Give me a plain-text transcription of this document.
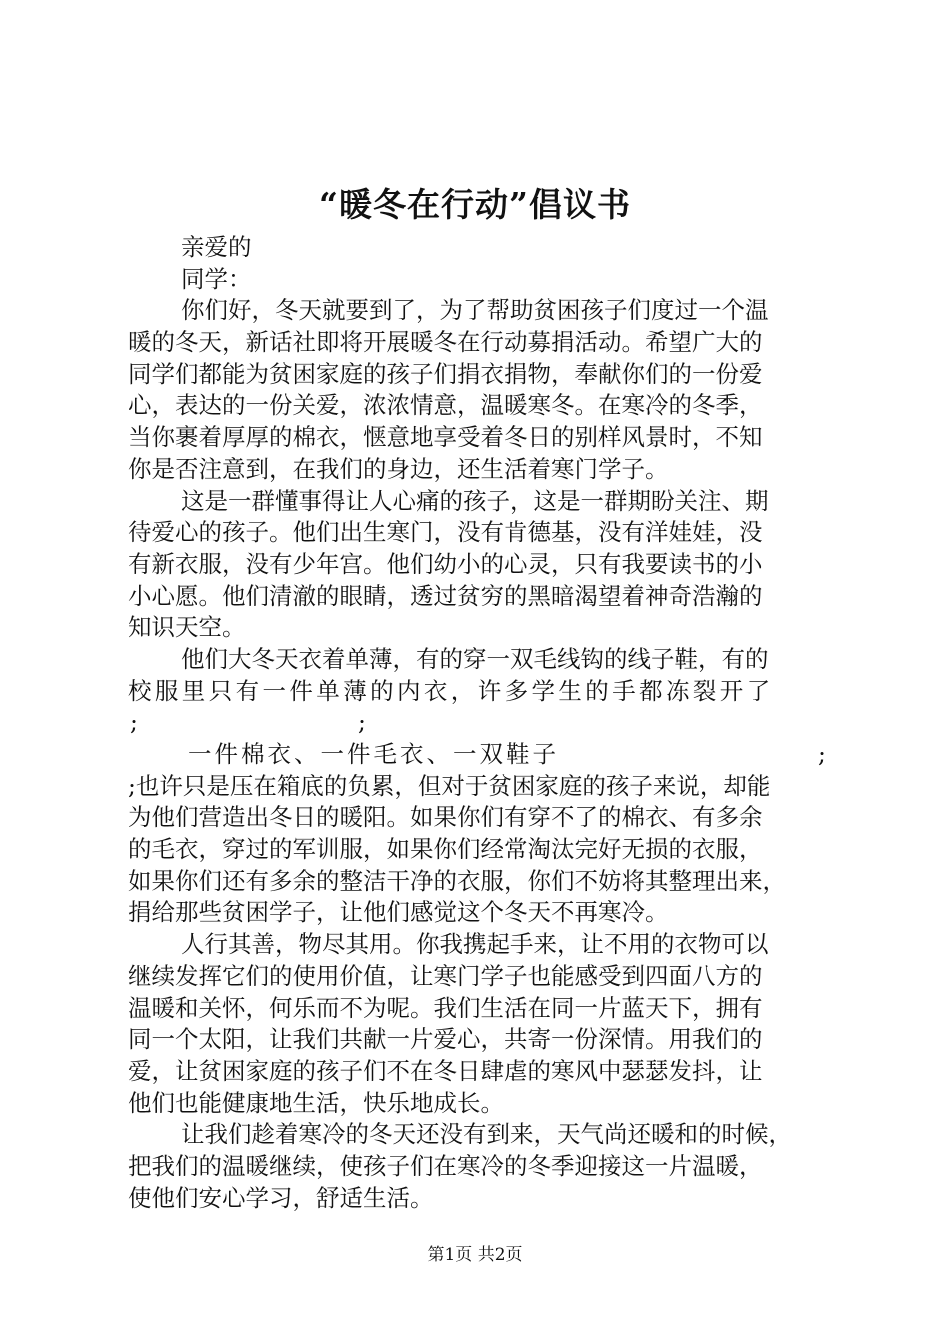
“暖冬在行动”倡议书
亲爱的
同学：
你们好，冬天就要到了，为了帮助贫困孩子们度过一个温
暖的冬天，新话社即将开展暖冬在行动募捐活动。希望广大的
同学们都能为贫困家庭的孩子们捐衣捐物，奉献你们的一份爱
心，表达的一份关爱，浓浓情意，温暖寒冬。在寒冷的冬季，
当你裹着厚厚的棉衣，惬意地享受着冬日的别样风景时，不知
你是否注意到，在我们的身边，还生活着寒门学子。
这是一群懂事得让人心痛的孩子，这是一群期盼关注、期
待爱心的孩子。他们出生寒门，没有肯德基，没有洋娃娃，没
有新衣服，没有少年宫。他们幼小的心灵，只有我要读书的小
小心愿。他们清澈的眼睛，透过贫穷的黑暗渴望着神奇浩瀚的
知识天空。
他们大冬天衣着单薄，有的穿一双毛线钩的线子鞋，有的
校服里只有一件单薄的内衣，许多学生的手都冻裂开了
;	;
一件棉衣、一件毛衣、一双鞋子	;
;也许只是压在箱底的负累，但对于贫困家庭的孩子来说，却能
为他们营造出冬日的暖阳。如果你们有穿不了的棉衣、有多余
的毛衣，穿过的军训服，如果你们经常淘汰完好无损的衣服，
如果你们还有多余的整洁干净的衣服，你们不妨将其整理出来，
捐给那些贫困学子，让他们感觉这个冬天不再寒冷。
人行其善，物尽其用。你我携起手来，让不用的衣物可以
继续发挥它们的使用价值，让寒门学子也能感受到四面八方的
温暖和关怀，何乐而不为呢。我们生活在同一片蓝天下，拥有
同一个太阳，让我们共献一片爱心，共寄一份深情。用我们的
爱，让贫困家庭的孩子们不在冬日肆虐的寒风中瑟瑟发抖，让
他们也能健康地生活，快乐地成长。
让我们趁着寒冷的冬天还没有到来，天气尚还暖和的时候，
把我们的温暖继续，使孩子们在寒冷的冬季迎接这一片温暖，
使他们安心学习，舒适生活。
第1页 共2页
